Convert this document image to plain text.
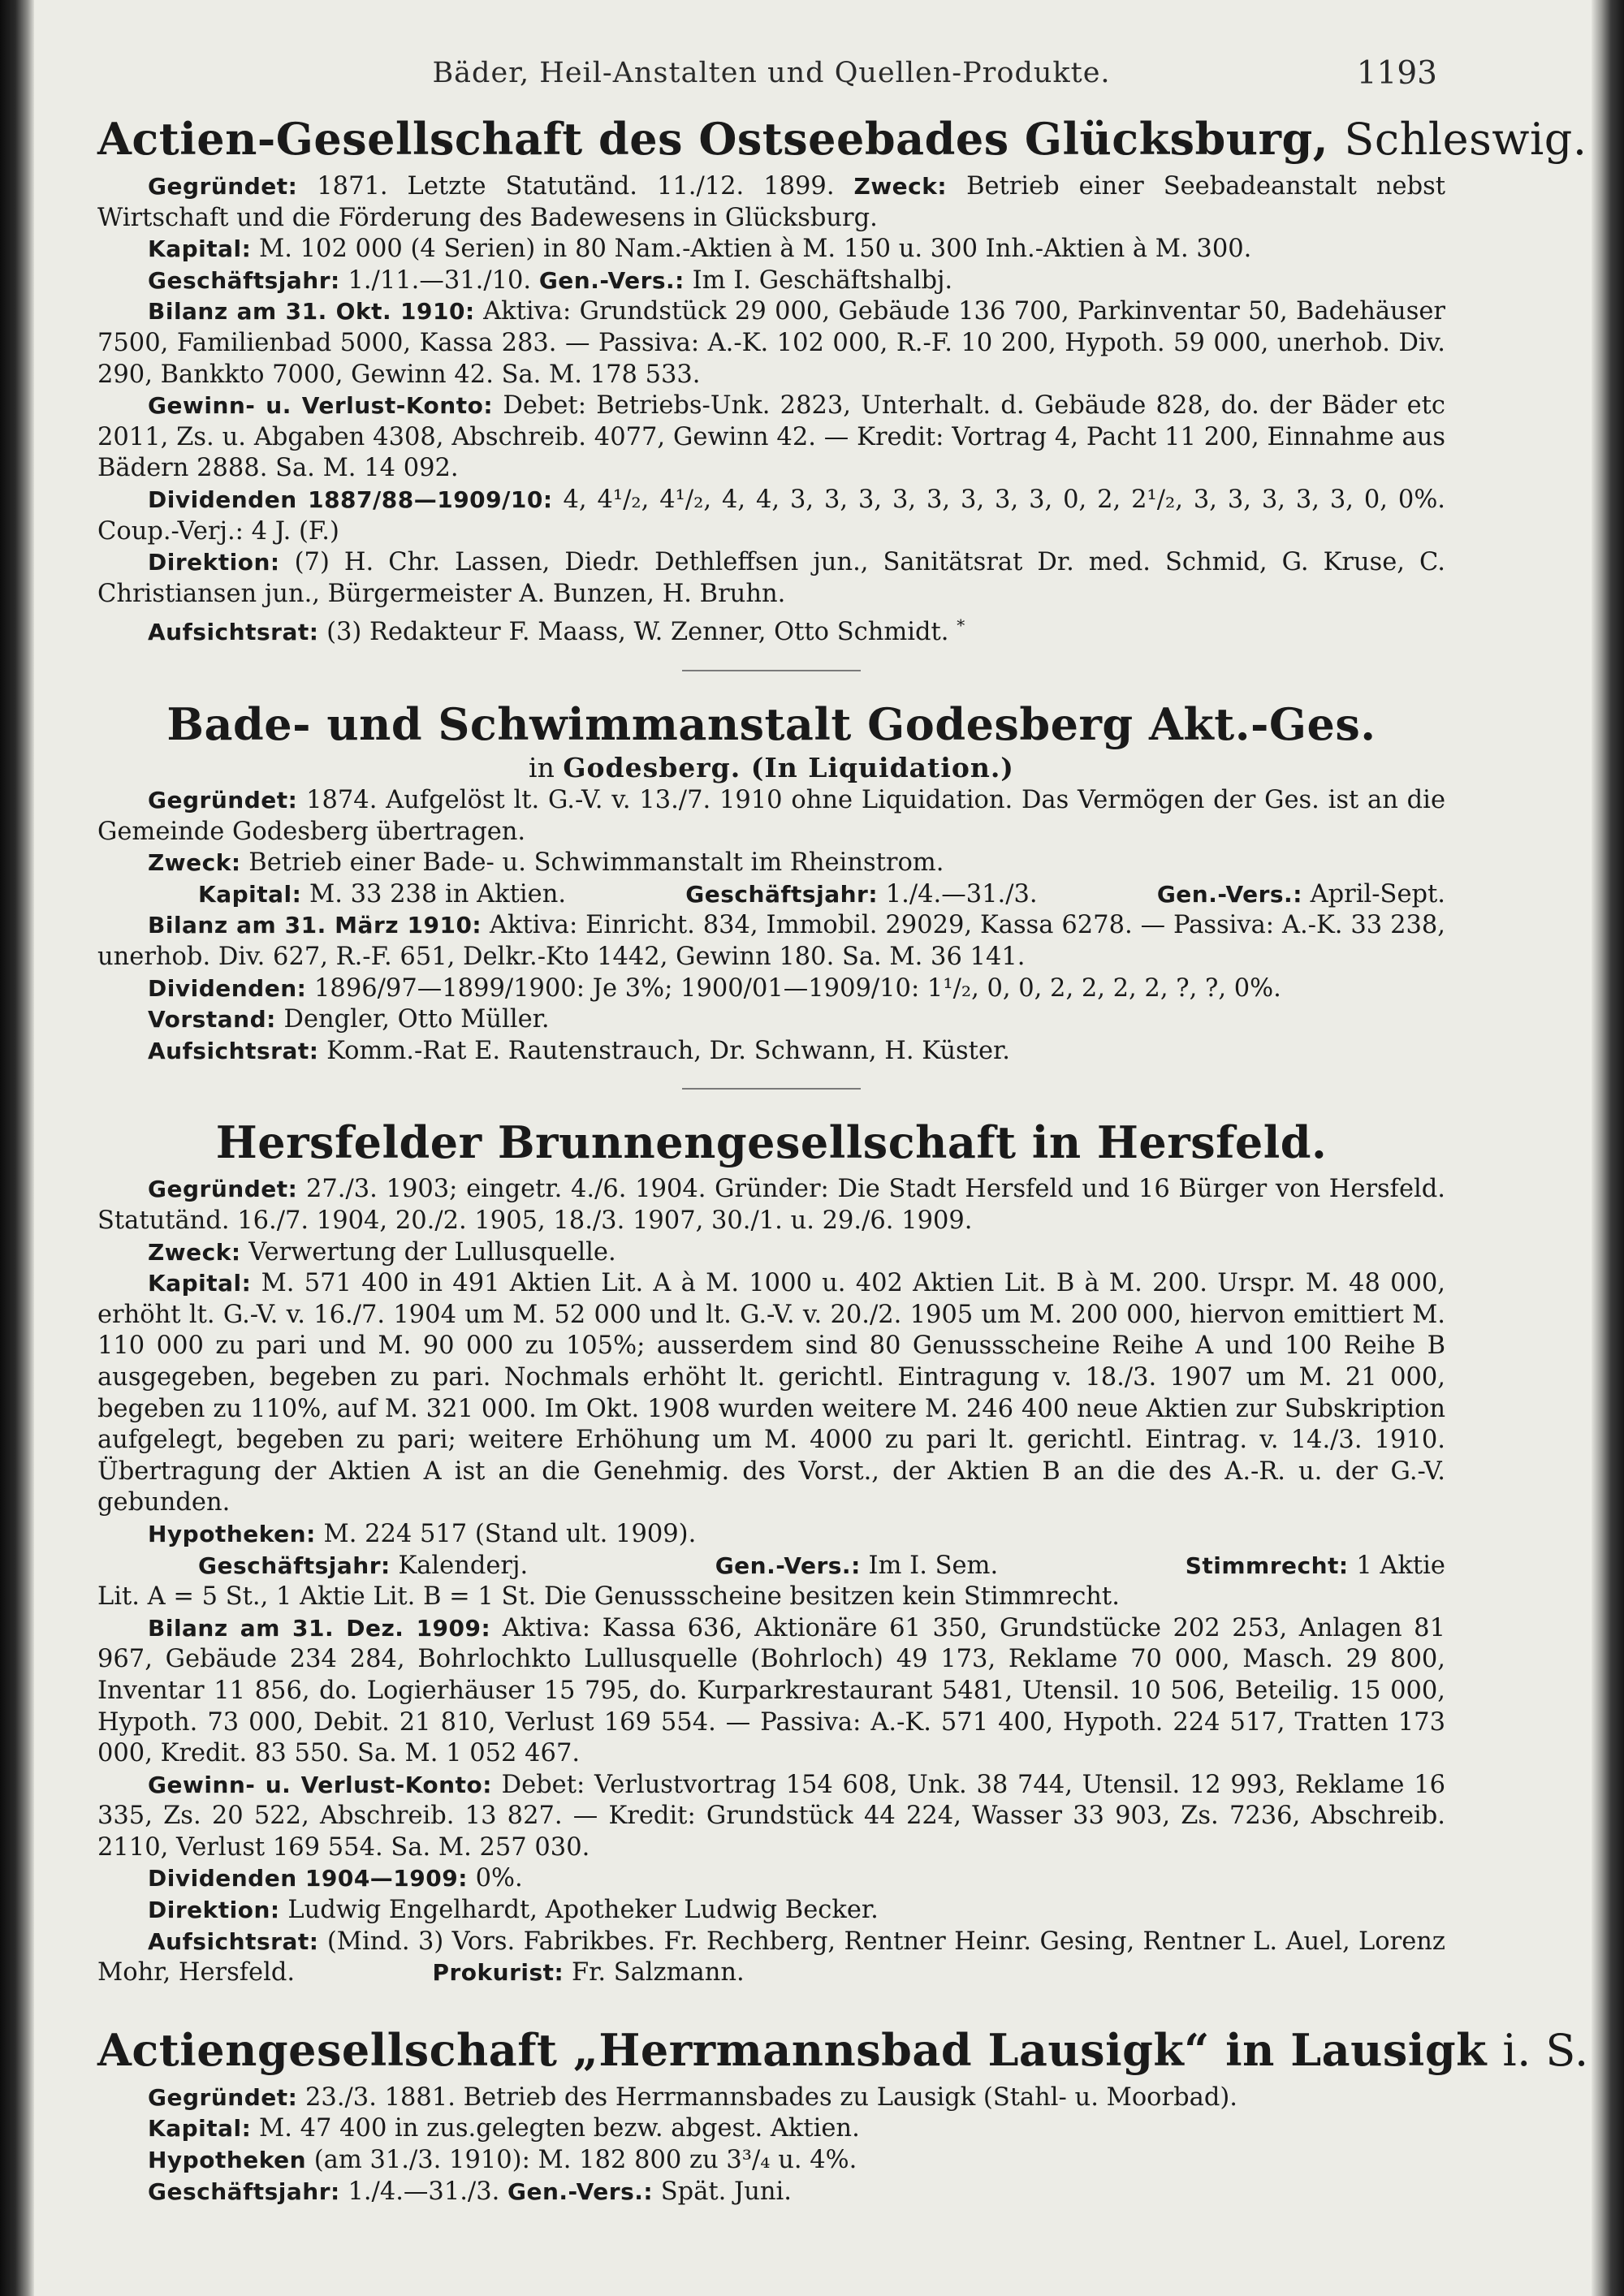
Bäder, Heil-Anstalten und Quellen-Produkte.	1193
Actien-Gesellschaft des Ostseebades Glücksburg, Schleswig.

Gegründet: 1871. Letzte Statutänd. 11./12. 1899. Zweck: Betrieb einer Seebadeanstalt nebst Wirtschaft und die Förderung des Badewesens in Glücksburg.

Kapital: M. 102 000 (4 Serien) in 80 Nam.-Aktien à M. 150 u. 300 Inh.-Aktien à M. 300.

Geschäftsjahr: 1./11.—31./10. Gen.-Vers.: Im I. Geschäftshalbj.

Bilanz am 31. Okt. 1910: Aktiva: Grundstück 29 000, Gebäude 136 700, Parkinventar 50, Badehäuser 7500, Familienbad 5000, Kassa 283. — Passiva: A.-K. 102 000, R.-F. 10 200, Hypoth. 59 000, unerhob. Div. 290, Bankkto 7000, Gewinn 42. Sa. M. 178 533.

Gewinn- u. Verlust-Konto: Debet: Betriebs-Unk. 2823, Unterhalt. d. Gebäude 828, do. der Bäder etc 2011, Zs. u. Abgaben 4308, Abschreib. 4077, Gewinn 42. — Kredit: Vortrag 4, Pacht 11 200, Einnahme aus Bädern 2888. Sa. M. 14 092.

Dividenden 1887/88—1909/10: 4, 4¹/₂, 4¹/₂, 4, 4, 3, 3, 3, 3, 3, 3, 3, 3, 0, 2, 2¹/₂, 3, 3, 3, 3, 3, 0, 0%. Coup.-Verj.: 4 J. (F.)

Direktion: (7) H. Chr. Lassen, Diedr. Dethleffsen jun., Sanitätsrat Dr. med. Schmid, G. Kruse, C. Christiansen jun., Bürgermeister A. Bunzen, H. Bruhn.

Aufsichtsrat: (3) Redakteur F. Maass, W. Zenner, Otto Schmidt. *

Bade- und Schwimmanstalt Godesberg Akt.-Ges.
in Godesberg. (In Liquidation.)

Gegründet: 1874. Aufgelöst lt. G.-V. v. 13./7. 1910 ohne Liquidation. Das Vermögen der Ges. ist an die Gemeinde Godesberg übertragen.

Zweck: Betrieb einer Bade- u. Schwimmanstalt im Rheinstrom.

Kapital: M. 33 238 in Aktien.	Geschäftsjahr: 1./4.—31./3.	Gen.-Vers.: April-Sept.

Bilanz am 31. März 1910: Aktiva: Einricht. 834, Immobil. 29029, Kassa 6278. — Passiva: A.-K. 33 238, unerhob. Div. 627, R.-F. 651, Delkr.-Kto 1442, Gewinn 180. Sa. M. 36 141.

Dividenden: 1896/97—1899/1900: Je 3%; 1900/01—1909/10: 1¹/₂, 0, 0, 2, 2, 2, 2, ?, ?, 0%.

Vorstand: Dengler, Otto Müller.

Aufsichtsrat: Komm.-Rat E. Rautenstrauch, Dr. Schwann, H. Küster.

Hersfelder Brunnengesellschaft in Hersfeld.

Gegründet: 27./3. 1903; eingetr. 4./6. 1904. Gründer: Die Stadt Hersfeld und 16 Bürger von Hersfeld. Statutänd. 16./7. 1904, 20./2. 1905, 18./3. 1907, 30./1. u. 29./6. 1909.

Zweck: Verwertung der Lullusquelle.

Kapital: M. 571 400 in 491 Aktien Lit. A à M. 1000 u. 402 Aktien Lit. B à M. 200. Urspr. M. 48 000, erhöht lt. G.-V. v. 16./7. 1904 um M. 52 000 und lt. G.-V. v. 20./2. 1905 um M. 200 000, hiervon emittiert M. 110 000 zu pari und M. 90 000 zu 105%; ausserdem sind 80 Genussscheine Reihe A und 100 Reihe B ausgegeben, begeben zu pari. Nochmals erhöht lt. gerichtl. Eintragung v. 18./3. 1907 um M. 21 000, begeben zu 110%, auf M. 321 000. Im Okt. 1908 wurden weitere M. 246 400 neue Aktien zur Subskription aufgelegt, begeben zu pari; weitere Erhöhung um M. 4000 zu pari lt. gerichtl. Eintrag. v. 14./3. 1910. Übertragung der Aktien A ist an die Genehmig. des Vorst., der Aktien B an die des A.-R. u. der G.-V. gebunden.

Hypotheken: M. 224 517 (Stand ult. 1909).

Geschäftsjahr: Kalenderj.	Gen.-Vers.: Im I. Sem.	Stimmrecht: 1 Aktie

Lit. A = 5 St., 1 Aktie Lit. B = 1 St. Die Genussscheine besitzen kein Stimmrecht.

Bilanz am 31. Dez. 1909: Aktiva: Kassa 636, Aktionäre 61 350, Grundstücke 202 253, Anlagen 81 967, Gebäude 234 284, Bohrlochkto Lullusquelle (Bohrloch) 49 173, Reklame 70 000, Masch. 29 800, Inventar 11 856, do. Logierhäuser 15 795, do. Kurparkrestaurant 5481, Utensil. 10 506, Beteilig. 15 000, Hypoth. 73 000, Debit. 21 810, Verlust 169 554. — Passiva: A.-K. 571 400, Hypoth. 224 517, Tratten 173 000, Kredit. 83 550. Sa. M. 1 052 467.

Gewinn- u. Verlust-Konto: Debet: Verlustvortrag 154 608, Unk. 38 744, Utensil. 12 993, Reklame 16 335, Zs. 20 522, Abschreib. 13 827. — Kredit: Grundstück 44 224, Wasser 33 903, Zs. 7236, Abschreib. 2110, Verlust 169 554. Sa. M. 257 030.

Dividenden 1904—1909: 0%.

Direktion: Ludwig Engelhardt, Apotheker Ludwig Becker.

Aufsichtsrat: (Mind. 3) Vors. Fabrikbes. Fr. Rechberg, Rentner Heinr. Gesing, Rentner L. Auel, Lorenz Mohr, Hersfeld.	Prokurist: Fr. Salzmann.

Actiengesellschaft „Herrmannsbad Lausigk“ in Lausigk i. S.

Gegründet: 23./3. 1881. Betrieb des Herrmannsbades zu Lausigk (Stahl- u. Moorbad).

Kapital: M. 47 400 in zus.gelegten bezw. abgest. Aktien.

Hypotheken (am 31./3. 1910): M. 182 800 zu 3³/₄ u. 4%.

Geschäftsjahr: 1./4.—31./3. Gen.-Vers.: Spät. Juni.
